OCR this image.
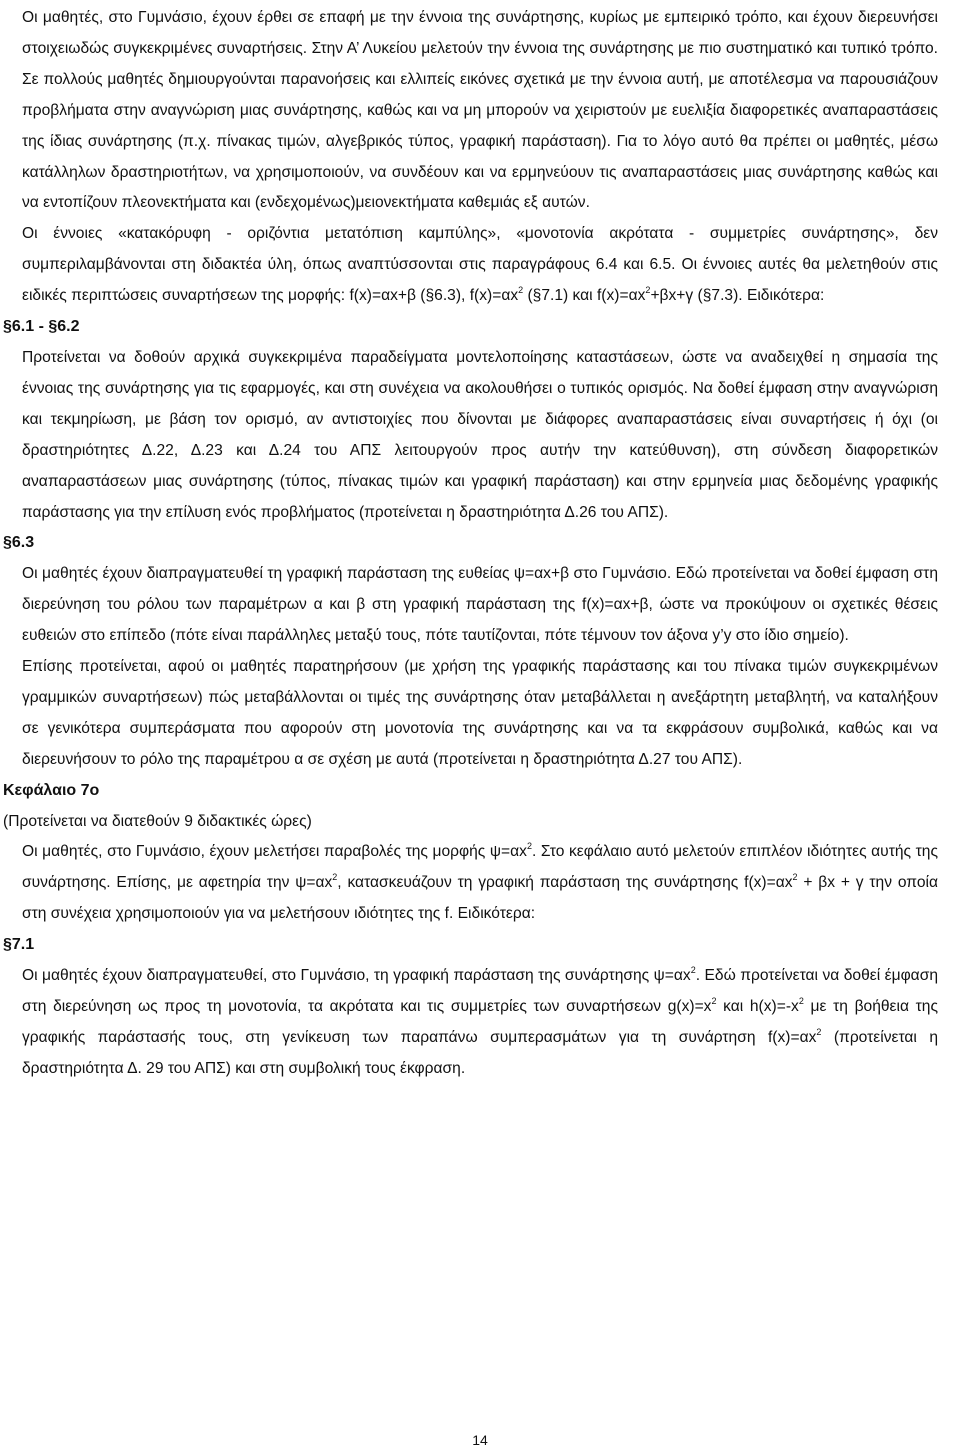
Οι μαθητές, στο Γυμνάσιο, έχουν έρθει σε επαφή με την έννοια της συνάρτησης, κυρίως με εμπειρικό τρόπο, και έχουν διερευνήσει στοιχειωδώς συγκεκριμένες συναρτήσεις. Στην Α’ Λυκείου μελετούν την έννοια της συνάρτησης με πιο συστηματικό και τυπικό τρόπο. Σε πολλούς μαθητές δημιουργούνται παρανοήσεις και ελλιπείς εικόνες σχετικά με την έννοια αυτή, με αποτέλεσμα να παρουσιάζουν προβλήματα στην αναγνώριση μιας συνάρτησης, καθώς και να μη μπορούν να χειριστούν με ευελιξία διαφορετικές αναπαραστάσεις της ίδιας συνάρτησης (π.χ. πίνακας τιμών, αλγεβρικός τύπος, γραφική παράσταση). Για το λόγο αυτό θα πρέπει οι μαθητές, μέσω κατάλληλων δραστηριοτήτων, να χρησιμοποιούν, να συνδέουν και να ερμηνεύουν τις αναπαραστάσεις μιας συνάρτησης καθώς και να εντοπίζουν πλεονεκτήματα και (ενδεχομένως)μειονεκτήματα καθεμιάς εξ αυτών.

Οι έννοιες «κατακόρυφη - οριζόντια μετατόπιση καμπύλης», «μονοτονία ακρότατα - συμμετρίες συνάρτησης», δεν συμπεριλαμβάνονται στη διδακτέα ύλη, όπως αναπτύσσονται στις παραγράφους 6.4 και 6.5. Οι έννοιες αυτές θα μελετηθούν στις ειδικές περιπτώσεις συναρτήσεων της μορφής: f(x)=αx+β (§6.3), $f(x)=\alpha x^2$ (§7.1) και $f(x)=\alpha x^2+\beta x+\gamma$ (§7.3). Ειδικότερα:

§6.1 - §6.2

Προτείνεται να δοθούν αρχικά συγκεκριμένα παραδείγματα μοντελοποίησης καταστάσεων, ώστε να αναδειχθεί η σημασία της έννοιας της συνάρτησης για τις εφαρμογές, και στη συνέχεια να ακολουθήσει ο τυπικός ορισμός. Να δοθεί έμφαση στην αναγνώριση και τεκμηρίωση, με βάση τον ορισμό, αν αντιστοιχίες που δίνονται με διάφορες αναπαραστάσεις είναι συναρτήσεις ή όχι (οι δραστηριότητες Δ.22, Δ.23 και Δ.24 του ΑΠΣ λειτουργούν προς αυτήν την κατεύθυνση), στη σύνδεση διαφορετικών αναπαραστάσεων μιας συνάρτησης (τύπος, πίνακας τιμών και γραφική παράσταση) και στην ερμηνεία μιας δεδομένης γραφικής παράστασης για την επίλυση ενός προβλήματος (προτείνεται η δραστηριότητα Δ.26 του ΑΠΣ).

§6.3

Οι μαθητές έχουν διαπραγματευθεί τη γραφική παράσταση της ευθείας ψ=αx+β στο Γυμνάσιο. Εδώ προτείνεται να δοθεί έμφαση στη διερεύνηση του ρόλου των παραμέτρων α και β στη γραφική παράσταση της f(x)=αx+β, ώστε να προκύψουν οι σχετικές θέσεις ευθειών στο επίπεδο (πότε είναι παράλληλες μεταξύ τους, πότε ταυτίζονται, πότε τέμνουν τον άξονα y’y στο ίδιο σημείο).

Επίσης προτείνεται, αφού οι μαθητές παρατηρήσουν (με χρήση της γραφικής παράστασης και του πίνακα τιμών συγκεκριμένων γραμμικών συναρτήσεων) πώς μεταβάλλονται οι τιμές της συνάρτησης όταν μεταβάλλεται η ανεξάρτητη μεταβλητή, να καταλήξουν σε γενικότερα συμπεράσματα που αφορούν στη μονοτονία της συνάρτησης και να τα εκφράσουν συμβολικά, καθώς και να διερευνήσουν το ρόλο της παραμέτρου α σε σχέση με αυτά (προτείνεται η δραστηριότητα Δ.27 του ΑΠΣ).

Κεφάλαιο 7ο

(Προτείνεται να διατεθούν 9 διδακτικές ώρες)

Οι μαθητές, στο Γυμνάσιο, έχουν μελετήσει παραβολές της μορφής $\psi=\alpha x^2$. Στο κεφάλαιο αυτό μελετούν επιπλέον ιδιότητες αυτής της συνάρτησης. Επίσης, με αφετηρία την $\psi=\alpha x^2$, κατασκευάζουν τη γραφική παράσταση της συνάρτησης $f(x)=\alpha x^2 + \beta x + \gamma$ την οποία στη συνέχεια χρησιμοποιούν για να μελετήσουν ιδιότητες της f. Ειδικότερα:

§7.1

Οι μαθητές έχουν διαπραγματευθεί, στο Γυμνάσιο, τη γραφική παράσταση της συνάρτησης $\psi=\alpha x^2$. Εδώ προτείνεται να δοθεί έμφαση στη διερεύνηση ως προς τη μονοτονία, τα ακρότατα και τις συμμετρίες των συναρτήσεων $g(x)=x^2$ και $h(x)=-x^2$ με τη βοήθεια της γραφικής παράστασής τους, στη γενίκευση των παραπάνω συμπερασμάτων για τη συνάρτηση $f(x)=\alpha x^2$ (προτείνεται η δραστηριότητα Δ. 29 του ΑΠΣ) και στη συμβολική τους έκφραση.

14
